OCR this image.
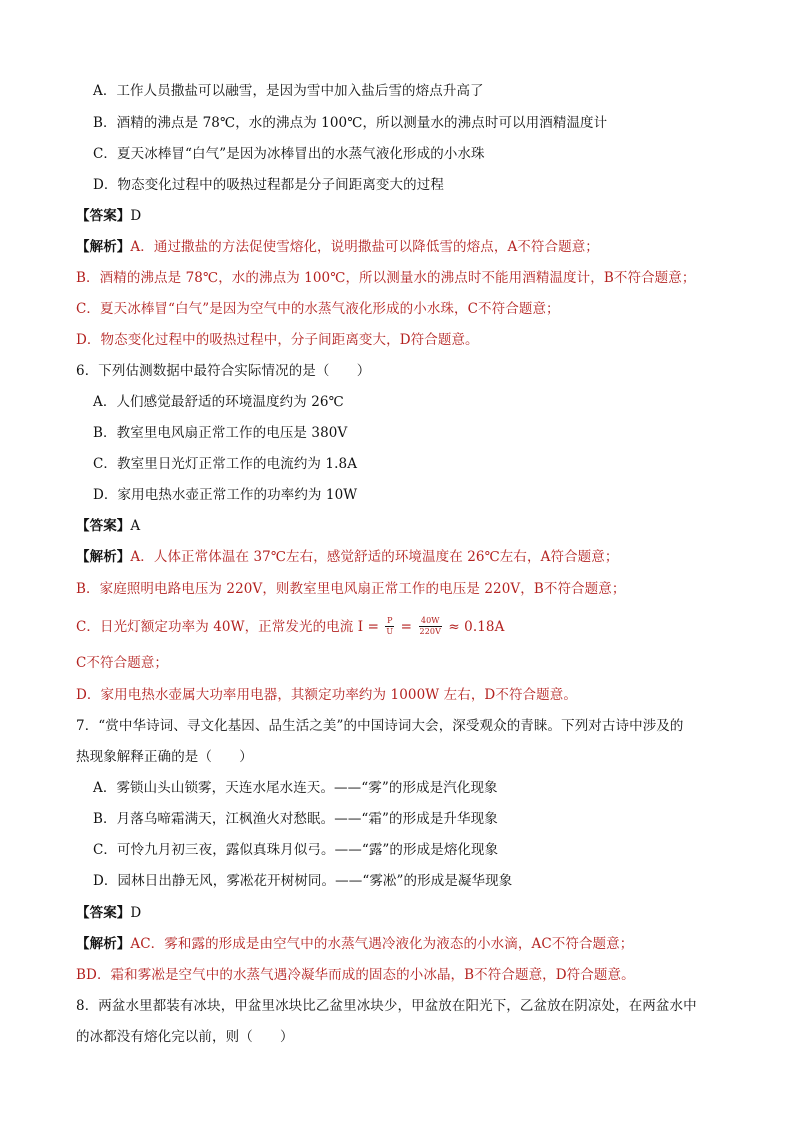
A．工作人员撒盐可以融雪，是因为雪中加入盐后雪的熔点升高了
B．酒精的沸点是 78℃，水的沸点为 100℃，所以测量水的沸点时可以用酒精温度计
C．夏天冰棒冒“白气”是因为冰棒冒出的水蒸气液化形成的小水珠
D．物态变化过程中的吸热过程都是分子间距离变大的过程
【答案】D
【解析】A．通过撒盐的方法促使雪熔化，说明撒盐可以降低雪的熔点，A不符合题意；
B．酒精的沸点是 78℃，水的沸点为 100℃，所以测量水的沸点时不能用酒精温度计，B不符合题意；
C．夏天冰棒冒“白气”是因为空气中的水蒸气液化形成的小水珠，C不符合题意；
D．物态变化过程中的吸热过程中，分子间距离变大，D符合题意。
6．下列估测数据中最符合实际情况的是（　　）
A．人们感觉最舒适的环境温度约为 26℃
B．教室里电风扇正常工作的电压是 380V
C．教室里日光灯正常工作的电流约为 1.8A
D．家用电热水壶正常工作的功率约为 10W
【答案】A
【解析】A．人体正常体温在 37℃左右，感觉舒适的环境温度在 26℃左右，A符合题意；
B．家庭照明电路电压为 220V，则教室里电风扇正常工作的电压是 220V，B不符合题意；
C．日光灯额定功率为 40W，正常发光的电流 $I = \frac{P}{U} = \frac{40W}{220V} \approx 0.18A$
C不符合题意；
D．家用电热水壶属大功率用电器，其额定功率约为 1000W 左右，D不符合题意。
7．“赏中华诗词、寻文化基因、品生活之美”的中国诗词大会，深受观众的青睐。下列对古诗中涉及的
热现象解释正确的是（　　）
A．雾锁山头山锁雾，天连水尾水连天。——“雾”的形成是汽化现象
B．月落乌啼霜满天，江枫渔火对愁眠。——“霜”的形成是升华现象
C．可怜九月初三夜，露似真珠月似弓。——“露”的形成是熔化现象
D．园林日出静无风，雾凇花开树树同。——“雾凇”的形成是凝华现象
【答案】D
【解析】AC．雾和露的形成是由空气中的水蒸气遇冷液化为液态的小水滴，AC不符合题意；
BD．霜和雾凇是空气中的水蒸气遇冷凝华而成的固态的小冰晶，B不符合题意，D符合题意。
8．两盆水里都装有冰块，甲盆里冰块比乙盆里冰块少，甲盆放在阳光下，乙盆放在阴凉处，在两盆水中
的冰都没有熔化完以前，则（　　）
